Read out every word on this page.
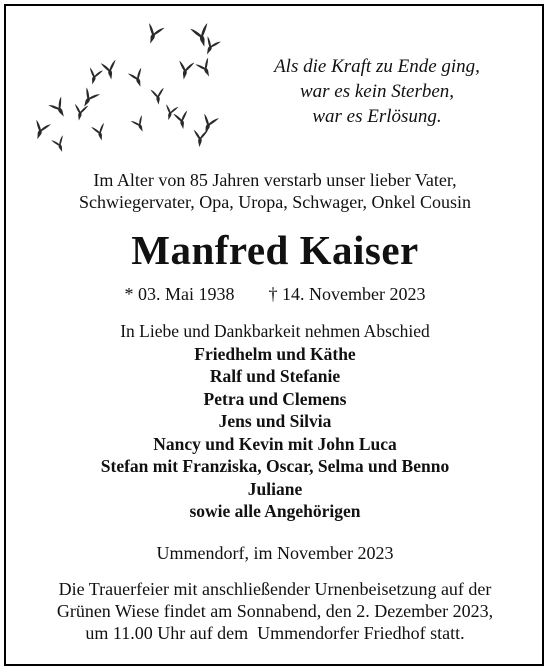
Als die Kraft zu Ende ging,
war es kein Sterben,
war es Erlösung.
Im Alter von 85 Jahren verstarb unser lieber Vater,
Schwiegervater, Opa, Uropa, Schwager, Onkel Cousin
Manfred Kaiser
* 03. Mai 1938 † 14. November 2023
In Liebe und Dankbarkeit nehmen Abschied
Friedhelm und Käthe
Ralf und Stefanie
Petra und Clemens
Jens und Silvia
Nancy und Kevin mit John Luca
Stefan mit Franziska, Oscar, Selma und Benno
Juliane
sowie alle Angehörigen
Ummendorf, im November 2023
Die Trauerfeier mit anschließender Urnenbeisetzung auf der
Grünen Wiese findet am Sonnabend, den 2. Dezember 2023,
um 11.00 Uhr auf dem  Ummendorfer Friedhof statt.
